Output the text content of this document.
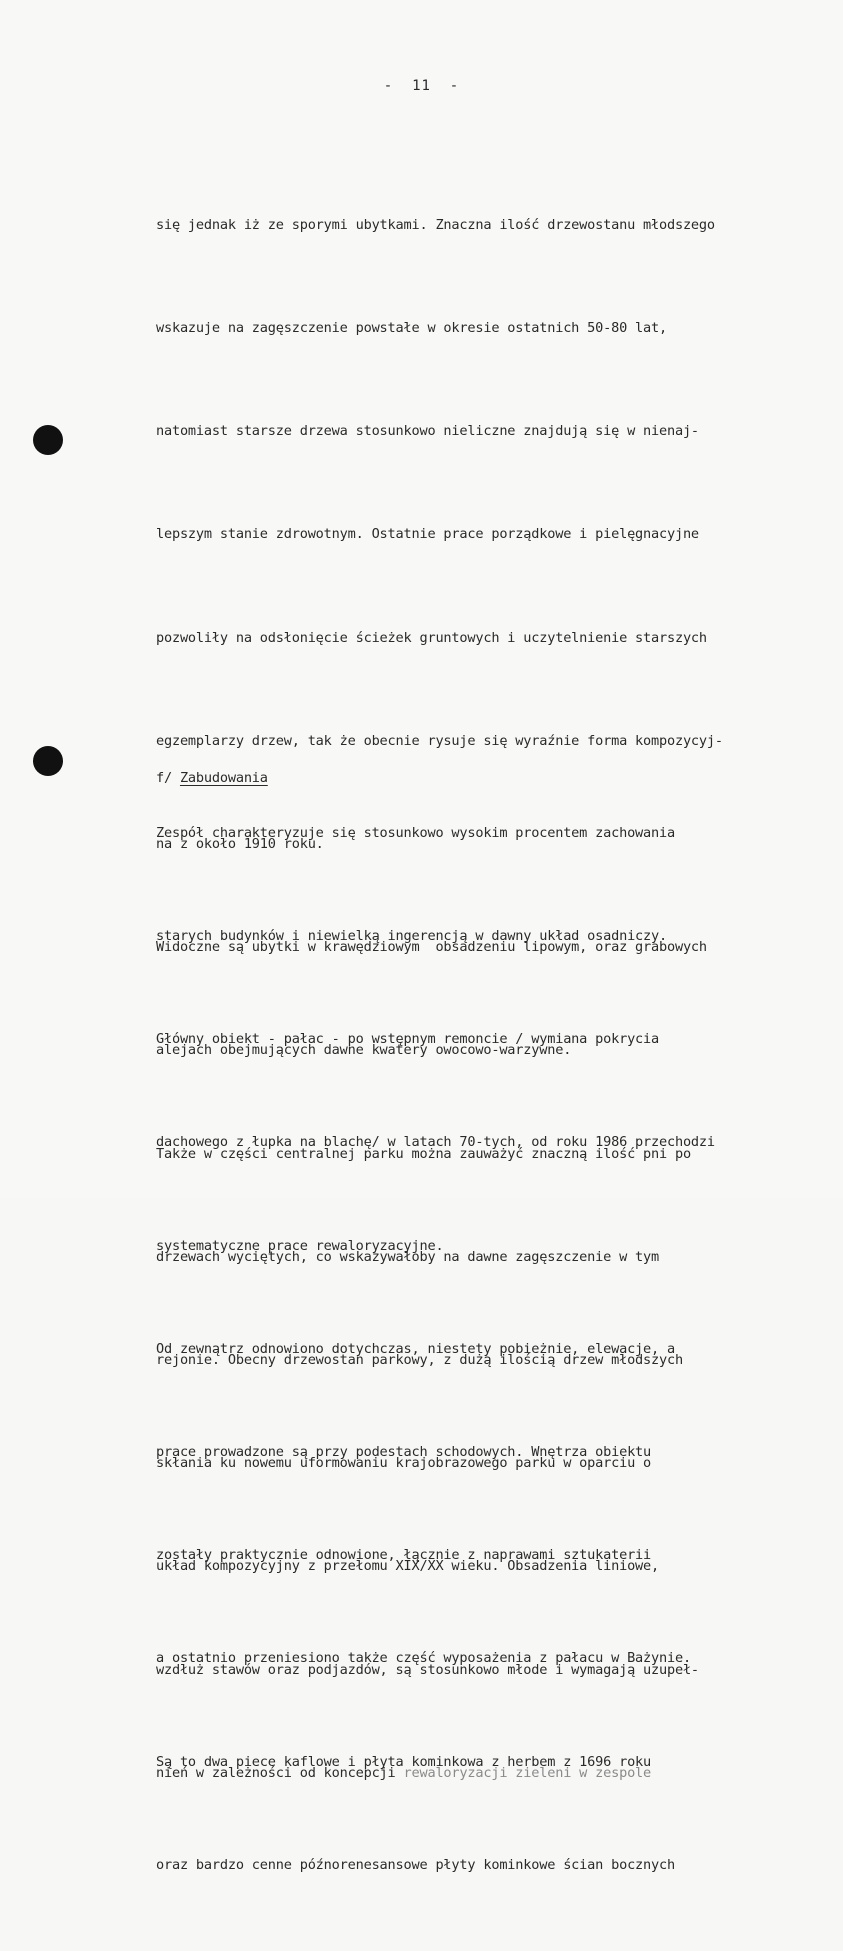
-  11  -

się jednak iż ze sporymi ubytkami. Znaczna ilość drzewostanu młodszego

wskazuje na zagęszczenie powstałe w okresie ostatnich 50-80 lat,

natomiast starsze drzewa stosunkowo nieliczne znajdują się w nienaj-

lepszym stanie zdrowotnym. Ostatnie prace porządkowe i pielęgnacyjne

pozwoliły na odsłonięcie ścieżek gruntowych i uczytelnienie starszych

egzemplarzy drzew, tak że obecnie rysuje się wyraźnie forma kompozycyj-

na z około 1910 roku.

Widoczne są ubytki w krawędziowym  obsadzeniu lipowym, oraz grabowych

alejach obejmujących dawne kwatery owocowo-warzywne.

Także w części centralnej parku można zauważyć znaczną ilość pni po

drzewach wyciętych, co wskazywałoby na dawne zagęszczenie w tym

rejonie. Obecny drzewostan parkowy, z dużą ilością drzew młodszych

skłania ku nowemu uformowaniu krajobrazowego parku w oparciu o

układ kompozycyjny z przełomu XIX/XX wieku. Obsadzenia liniowe,

wzdłuż stawów oraz podjazdów, są stosunkowo młode i wymagają uzupeł-

nień w zależności od koncepcji rewaloryzacji zieleni w zespole

f/ Zabudowania

Zespół charakteryzuje się stosunkowo wysokim procentem zachowania

starych budynków i niewielką ingerencją w dawny układ osadniczy.

Główny obiekt - pałac - po wstępnym remoncie / wymiana pokrycia

dachowego z łupka na blachę/ w latach 70-tych, od roku 1986 przechodzi

systematyczne prace rewaloryzacyjne.

Od zewnątrz odnowiono dotychczas, niestety pobieżnie, elewacje, a

prace prowadzone są przy podestach schodowych. Wnętrza obiektu

zostały praktycznie odnowione, łącznie z naprawami sztukaterii

a ostatnio przeniesiono także część wyposażenia z pałacu w Bażynie.

Są to dwa piece kaflowe i płyta kominkowa z herbem z 1696 roku

oraz bardzo cenne późnorenesansowe płyty kominkowe ścian bocznych
